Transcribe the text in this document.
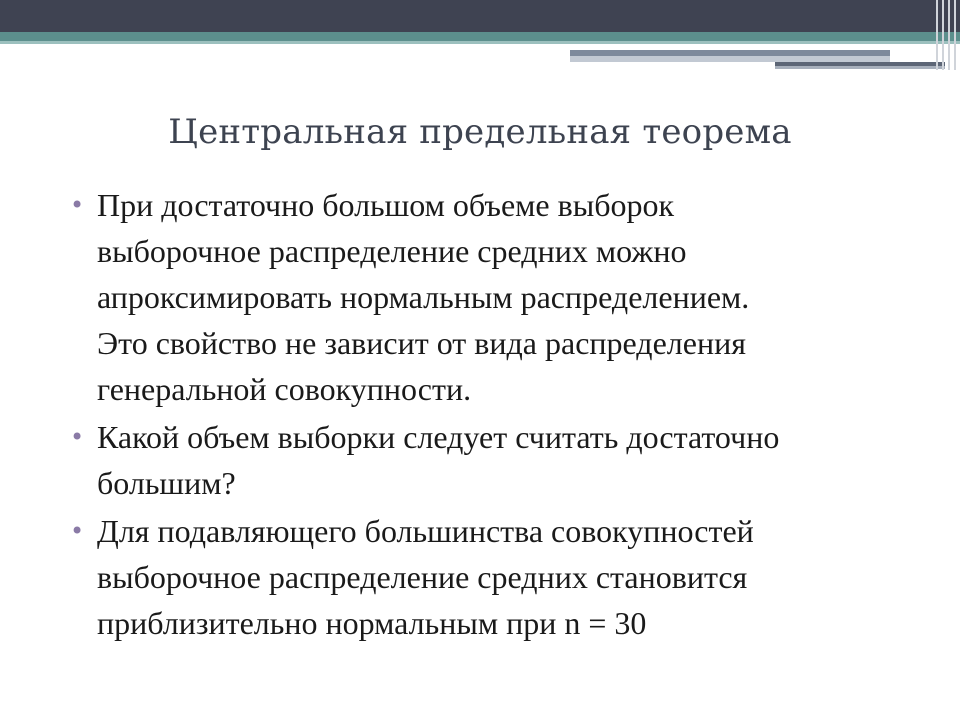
Центральная предельная теорема
• При достаточно большом объеме выборок
выборочное распределение средних можно
апроксимировать нормальным распределением.
Это свойство не зависит от вида распределения
генеральной совокупности.
• Какой объем выборки следует считать достаточно
большим?
• Для подавляющего большинства совокупностей
выборочное распределение средних становится
приблизительно нормальным при n = 30
